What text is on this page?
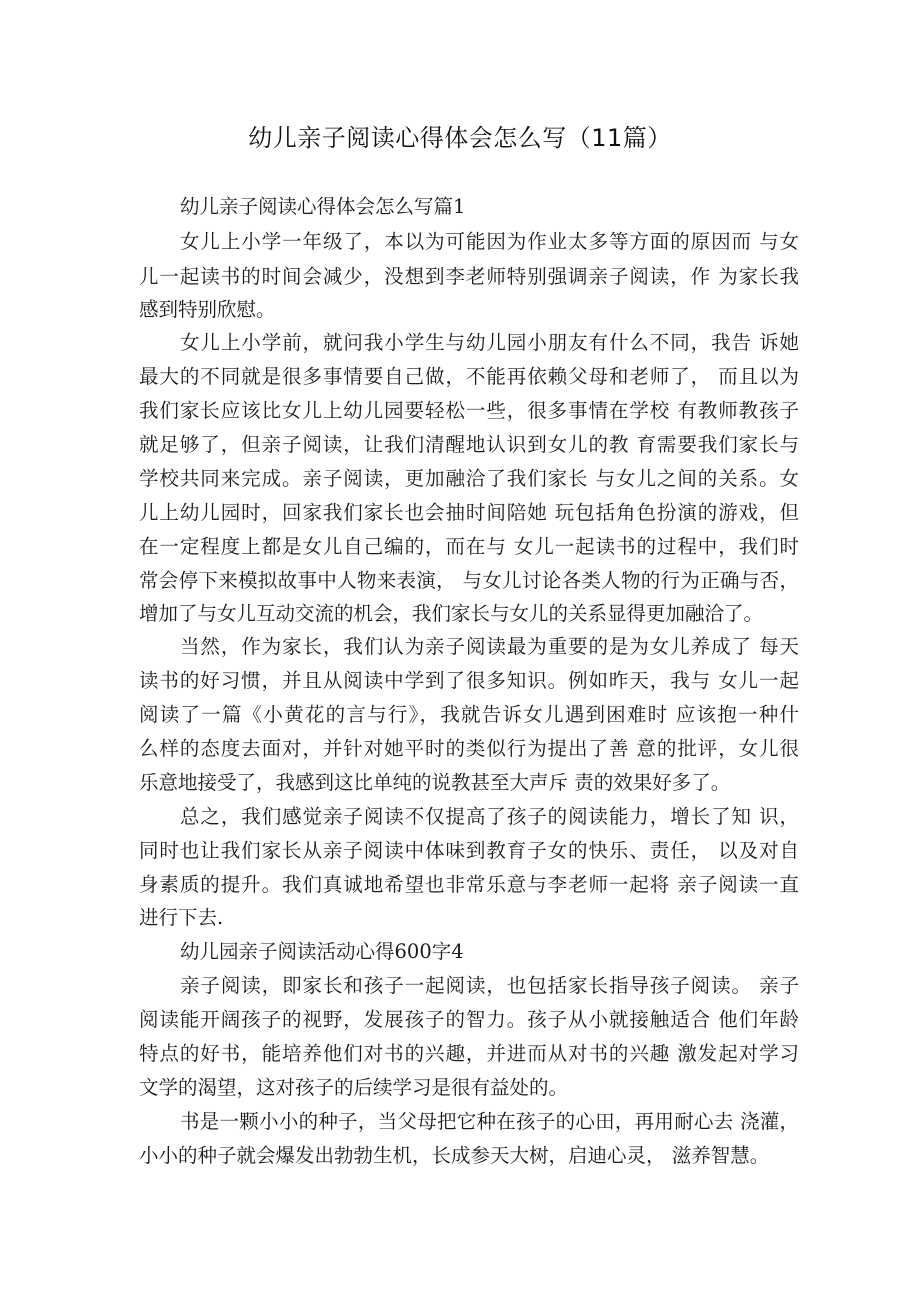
幼儿亲子阅读心得体会怎么写（11篇）
幼儿亲子阅读心得体会怎么写篇1
女儿上小学一年级了，本以为可能因为作业太多等方面的原因而 与女
儿一起读书的时间会减少，没想到李老师特别强调亲子阅读，作 为家长我
感到特别欣慰。
女儿上小学前，就问我小学生与幼儿园小朋友有什么不同，我告 诉她
最大的不同就是很多事情要自己做，不能再依赖父母和老师了， 而且以为
我们家长应该比女儿上幼儿园要轻松一些，很多事情在学校 有教师教孩子
就足够了，但亲子阅读，让我们清醒地认识到女儿的教 育需要我们家长与
学校共同来完成。亲子阅读，更加融洽了我们家长 与女儿之间的关系。女
儿上幼儿园时，回家我们家长也会抽时间陪她 玩包括角色扮演的游戏，但
在一定程度上都是女儿自己编的，而在与 女儿一起读书的过程中，我们时
常会停下来模拟故事中人物来表演， 与女儿讨论各类人物的行为正确与否，
增加了与女儿互动交流的机会，我们家长与女儿的关系显得更加融洽了。
当然，作为家长，我们认为亲子阅读最为重要的是为女儿养成了 每天
读书的好习惯，并且从阅读中学到了很多知识。例如昨天，我与 女儿一起
阅读了一篇《小黄花的言与行》，我就告诉女儿遇到困难时 应该抱一种什
么样的态度去面对，并针对她平时的类似行为提出了善 意的批评，女儿很
乐意地接受了，我感到这比单纯的说教甚至大声斥 责的效果好多了。
总之，我们感觉亲子阅读不仅提高了孩子的阅读能力，增长了知 识，
同时也让我们家长从亲子阅读中体味到教育子女的快乐、责任， 以及对自
身素质的提升。我们真诚地希望也非常乐意与李老师一起将 亲子阅读一直
进行下去.
幼儿园亲子阅读活动心得600字4
亲子阅读，即家长和孩子一起阅读，也包括家长指导孩子阅读。 亲子
阅读能开阔孩子的视野，发展孩子的智力。孩子从小就接触适合 他们年龄
特点的好书，能培养他们对书的兴趣，并进而从对书的兴趣 激发起对学习
文学的渴望，这对孩子的后续学习是很有益处的。
书是一颗小小的种子，当父母把它种在孩子的心田，再用耐心去 浇灌，
小小的种子就会爆发出勃勃生机，长成参天大树，启迪心灵， 滋养智慧。
